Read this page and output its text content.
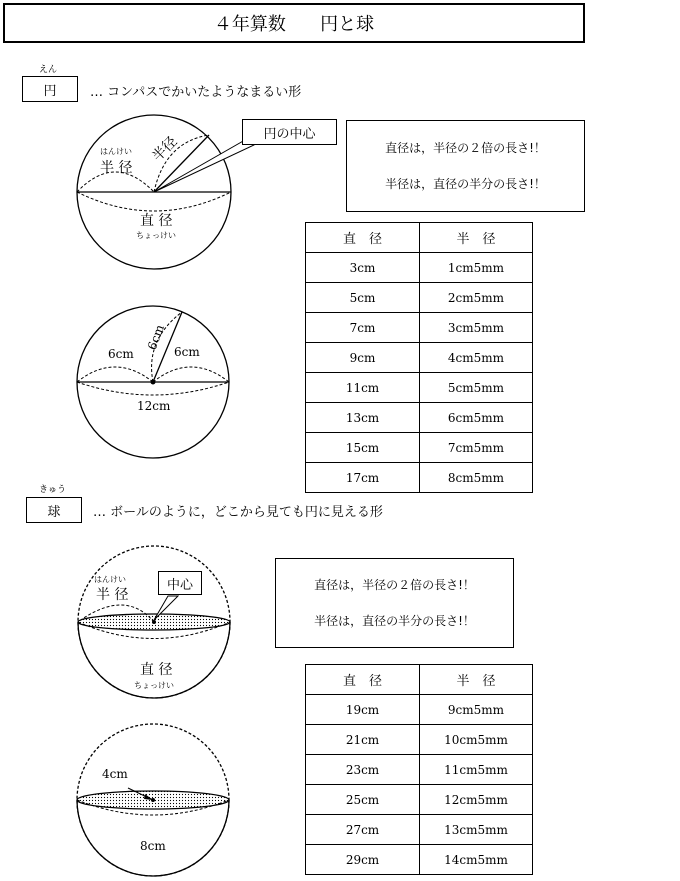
４年算数
円と球
えん
円	… コンパスでかいたようなまるい形
はんけい
半 径
半径
直 径
ちょっけい
円の中心
直径は，半径の２倍の長さ!！
半径は，直径の半分の長さ!！
6cm	6cm
6cm
12cm
直　径	半　径
3cm	1cm5mm
5cm	2cm5mm
7cm	3cm5mm
9cm	4cm5mm
11cm	5cm5mm
13cm	6cm5mm
15cm	7cm5mm
17cm	8cm5mm
きゅう
球	… ボールのように，どこから見ても円に見える形
はんけい
半 径
直 径
ちょっけい
中心	直径は，半径の２倍の長さ!！
半径は，直径の半分の長さ!！
4cm
8cm
直　径	半　径
19cm	9cm5mm
21cm	10cm5mm
23cm	11cm5mm
25cm	12cm5mm
27cm	13cm5mm
29cm	14cm5mm
